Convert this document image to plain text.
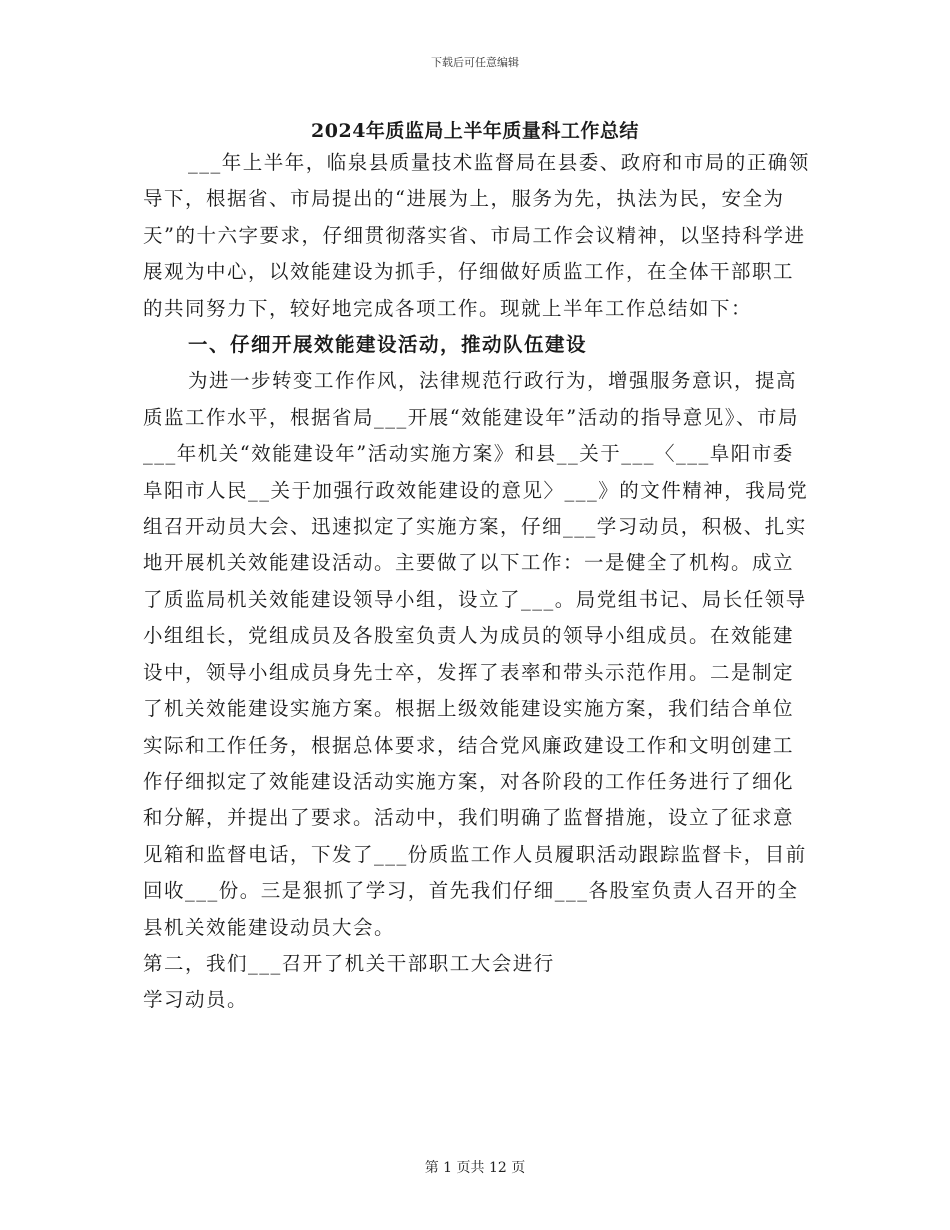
下载后可任意编辑
2024年质监局上半年质量科工作总结

___年上半年，临泉县质量技术监督局在县委、政府和市局的正确领导下，根据省、市局提出的“进展为上，服务为先，执法为民，安全为天”的十六字要求，仔细贯彻落实省、市局工作会议精神，以坚持科学进展观为中心，以效能建设为抓手，仔细做好质监工作，在全体干部职工的共同努力下，较好地完成各项工作。现就上半年工作总结如下：

一、仔细开展效能建设活动，推动队伍建设

为进一步转变工作作风，法律规范行政行为，增强服务意识，提高质监工作水平，根据省局___开展“效能建设年”活动的指导意见》、市局___年机关“效能建设年”活动实施方案》和县__关于___〈___阜阳市委阜阳市人民__关于加强行政效能建设的意见〉___》的文件精神，我局党组召开动员大会、迅速拟定了实施方案，仔细___学习动员，积极、扎实地开展机关效能建设活动。主要做了以下工作：一是健全了机构。成立了质监局机关效能建设领导小组，设立了___。局党组书记、局长任领导小组组长，党组成员及各股室负责人为成员的领导小组成员。在效能建设中，领导小组成员身先士卒，发挥了表率和带头示范作用。二是制定了机关效能建设实施方案。根据上级效能建设实施方案，我们结合单位实际和工作任务，根据总体要求，结合党风廉政建设工作和文明创建工作仔细拟定了效能建设活动实施方案，对各阶段的工作任务进行了细化和分解，并提出了要求。活动中，我们明确了监督措施，设立了征求意见箱和监督电话，下发了___份质监工作人员履职活动跟踪监督卡，目前回收___份。三是狠抓了学习，首先我们仔细___各股室负责人召开的全县机关效能建设动员大会。

第二，我们___召开了机关干部职工大会进行学习动员。

第 1 页共 12 页
